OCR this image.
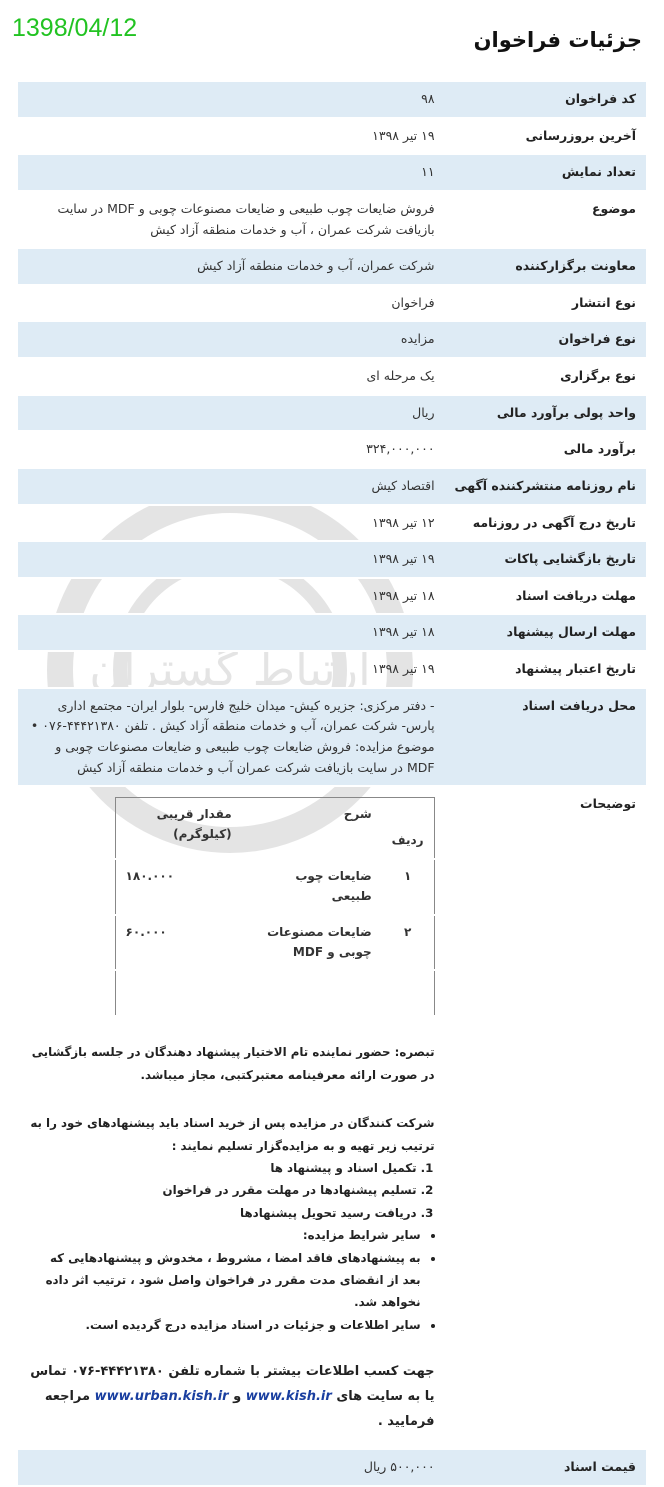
1398/04/12	جزئیات فراخوان
ارتباط گستران
کد فراخوان	۹۸
آخرین بروزرسانی	۱۹ تیر ۱۳۹۸
تعداد نمایش	۱۱
موضوع	فروش ضایعات چوب طبیعی و ضایعات مصنوعات چوبی و MDF در سایت بازیافت شرکت عمران ، آب و خدمات منطقه آزاد کیش
معاونت برگزارکننده	شرکت عمران، آب و خدمات منطقه آزاد کیش
نوع انتشار	فراخوان
نوع فراخوان	مزایده
نوع برگزاری	یک مرحله ای
واحد پولی برآورد مالی	ریال
برآورد مالی	۳۲۴,۰۰۰,۰۰۰
نام روزنامه منتشرکننده آگهی	اقتصاد کیش
تاریخ درج آگهی در روزنامه	۱۲ تیر ۱۳۹۸
تاریخ بازگشایی پاکات	۱۹ تیر ۱۳۹۸
مهلت دریافت اسناد	۱۸ تیر ۱۳۹۸
مهلت ارسال پیشنهاد	۱۸ تیر ۱۳۹۸
تاریخ اعتبار پیشنهاد	۱۹ تیر ۱۳۹۸
محل دریافت اسناد	- دفتر مرکزی: جزیره کیش- میدان خلیج فارس- بلوار ایران- مجتمع اداری پارس- شرکت عمران، آب و خدمات منطقه آزاد کیش . تلفن ۴۴۴۲۱۳۸۰-۰۷۶ • موضوع مزایده: فروش ضایعات چوب طبیعی و ضایعات مصنوعات چوبی و MDF در سایت بازیافت شرکت عمران آب و خدمات منطقه آزاد کیش
توضیحات	
ردیف	شرح	مقدار قریبی (کیلوگرم)
۱	ضایعات چوب طبیعی	۱۸۰.۰۰۰
۲	ضایعات مصنوعات چوبی و MDF	۶۰.۰۰۰

تبصره: حضور نماینده تام الاختیار پیشنهاد دهندگان در جلسه بازگشایی در صورت ارائه معرفینامه معتبرکتبی، مجاز میباشد.

شرکت کنندگان در مزایده پس از خرید اسناد باید پیشنهادهای خود را به ترتیب زیر تهیه و به مزایده‌گزار تسلیم نمایند :

1. تکمیل اسناد و پیشنهاد ها
2. تسلیم پیشنهادها در مهلت مقرر در فراخوان
3. دریافت رسید تحویل پیشنهادها
• سایر شرایط مزایده:
• به پیشنهادهای فاقد امضا ، مشروط ، مخدوش و پیشنهادهایی که بعد از انقضای مدت مقرر در فراخوان واصل شود ، ترتیب اثر داده نخواهد شد.
• سایر اطلاعات و جزئیات در اسناد مزایده درج گردیده است.
جهت کسب اطلاعات بیشتر با شماره تلفن ۴۴۴۲۱۳۸۰-۰۷۶ تماس یا به سایت های www.kish.ir و www.urban.kish.ir مراجعه فرمایید .

قیمت اسناد	۵۰۰,۰۰۰ ریال
